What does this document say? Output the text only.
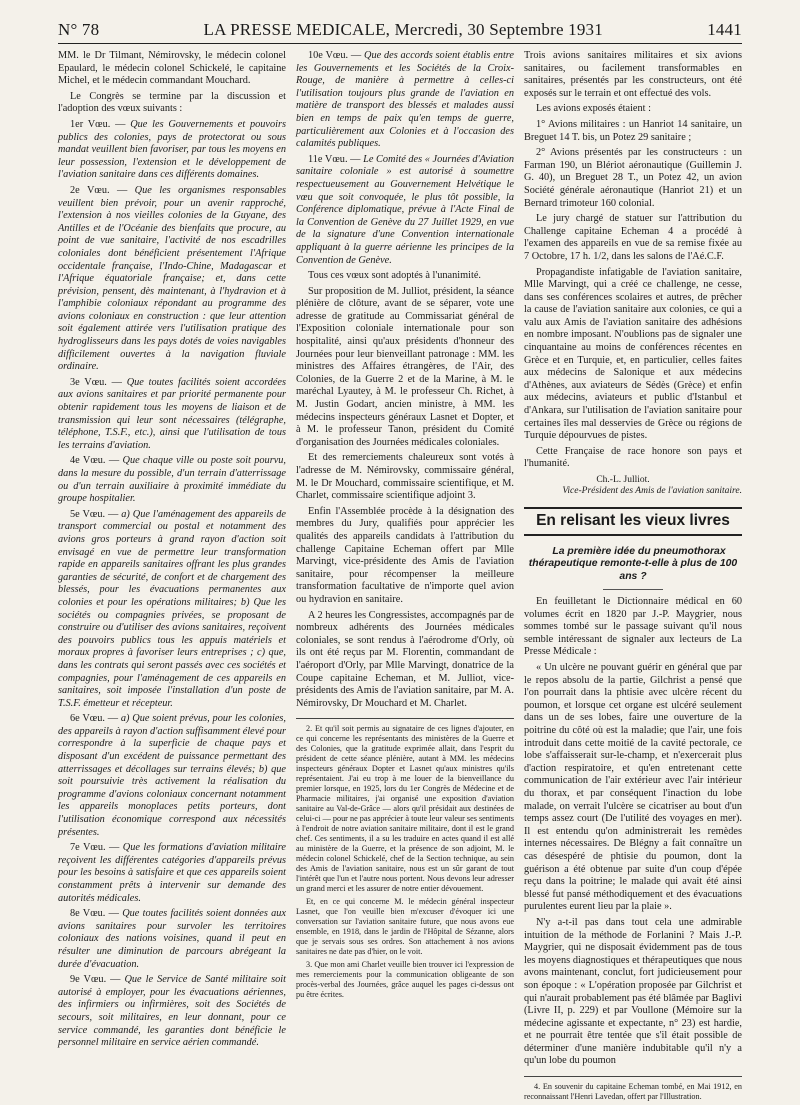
N° 78	LA PRESSE MEDICALE, Mercredi, 30 Septembre 1931	1441

MM. le Dr Tilmant, Némirovsky, le médecin colonel Epaulard, le médecin colonel Schickelé, le capitaine Michel, et le médecin commandant Mouchard.

Le Congrès se termine par la discussion et l'adoption des vœux suivants :

1er Vœu. — Que les Gouvernements et pouvoirs publics des colonies, pays de protectorat ou sous mandat veuillent bien favoriser, par tous les moyens en leur possession, l'extension et le développement de l'aviation sanitaire dans ces différents domaines.

2e Vœu. — Que les organismes responsables veuillent bien prévoir, pour un avenir rapproché, l'extension à nos vieilles colonies de la Guyane, des Antilles et de l'Océanie des bienfaits que procure, au point de vue sanitaire, l'activité de nos escadrilles coloniales dont bénéficient présentement l'Afrique occidentale française, l'Indo-Chine, Madagascar et l'Afrique équatoriale française; et, dans cette prévision, pensent, dès maintenant, à l'hydravion et à l'amphibie coloniaux répondant au programme des avions coloniaux en construction : que leur attention soit également attirée vers l'utilisation pratique des hydroglisseurs dans les pays dotés de voies navigables difficilement ouvertes à la navigation fluviale ordinaire.

3e Vœu. — Que toutes facilités soient accordées aux avions sanitaires et par priorité permanente pour obtenir rapidement tous les moyens de liaison et de transmission qui leur sont nécessaires (télégraphe, téléphone, T.S.F., etc.), ainsi que l'utilisation de tous les terrains d'aviation.

4e Vœu. — Que chaque ville ou poste soit pourvu, dans la mesure du possible, d'un terrain d'atterrissage ou d'un terrain auxiliaire à proximité immédiate du groupe hospitalier.

5e Vœu. — a) Que l'aménagement des appareils de transport commercial ou postal et notamment des avions gros porteurs à grand rayon d'action soit envisagé en vue de permettre leur transformation rapide en appareils sanitaires offrant les plus grandes garanties de sécurité, de confort et de chargement des blessés, pour les évacuations permanentes aux colonies et pour les opérations militaires; b) Que les sociétés ou compagnies privées, se proposant de construire ou d'utiliser des avions sanitaires, reçoivent des pouvoirs publics tous les appuis matériels et moraux propres à favoriser leurs entreprises ; c) que, dans les contrats qui seront passés avec ces sociétés et compagnies, pour l'aménagement de ces appareils en sanitaires, soit imposée l'installation d'un poste de T.S.F. émetteur et récepteur.

6e Vœu. — a) Que soient prévus, pour les colonies, des appareils à rayon d'action suffisamment élevé pour correspondre à la superficie de chaque pays et disposant d'un excédent de puissance permettant des atterrissages et décollages sur terrains élevés; b) que soit poursuivie très activement la réalisation du programme d'avions coloniaux concernant notamment les appareils monoplaces petits porteurs, dont l'utilisation économique correspond aux nécessités présentes.

7e Vœu. — Que les formations d'aviation militaire reçoivent les différentes catégories d'appareils prévus pour les besoins à satisfaire et que ces appareils soient constamment prêts à intervenir sur demande des autorités médicales.

8e Vœu. — Que toutes facilités soient données aux avions sanitaires pour survoler les territoires coloniaux des nations voisines, quand il peut en résulter une diminution de parcours abrégeant la durée d'évacuation.

9e Vœu. — Que le Service de Santé militaire soit autorisé à employer, pour les évacuations aériennes, des infirmiers ou infirmières, soit des Sociétés de secours, soit militaires, en leur donnant, pour ce service commandé, les garanties dont bénéficie le personnel militaire en service aérien commandé.

10e Vœu. — Que des accords soient établis entre les Gouvernements et les Sociétés de la Croix-Rouge, de manière à permettre à celles-ci l'utilisation toujours plus grande de l'aviation en matière de transport des blessés et malades aussi bien en temps de paix qu'en temps de guerre, particulièrement aux Colonies et à l'occasion des calamités publiques.

11e Vœu. — Le Comité des « Journées d'Aviation sanitaire coloniale » est autorisé à soumettre respectueusement au Gouvernement Helvétique le vœu que soit convoquée, le plus tôt possible, la Conférence diplomatique, prévue à l'Acte Final de la Convention de Genève du 27 Juillet 1929, en vue de la signature d'une Convention internationale appliquant à la guerre aérienne les principes de la Convention de Genève.

Tous ces vœux sont adoptés à l'unanimité.

Sur proposition de M. Julliot, président, la séance plénière de clôture, avant de se séparer, vote une adresse de gratitude au Commissariat général de l'Exposition coloniale internationale pour son hospitalité, ainsi qu'aux présidents d'honneur des Journées pour leur bienveillant patronage : MM. les ministres des Affaires étrangères, de l'Air, des Colonies, de la Guerre 2 et de la Marine, à M. le maréchal Lyautey, à M. le professeur Ch. Richet, à M. Justin Godart, ancien ministre, à MM. les médecins inspecteurs généraux Lasnet et Dopter, et à M. le professeur Tanon, président du Comité d'organisation des Journées médicales coloniales.

Et des remerciements chaleureux sont votés à l'adresse de M. Némirovsky, commissaire général, M. le Dr Mouchard, commissaire scientifique, et M. Charlet, commissaire scientifique adjoint 3.

Enfin l'Assemblée procède à la désignation des membres du Jury, qualifiés pour apprécier les qualités des appareils candidats à l'attribution du challenge Capitaine Echeman offert par Mlle Marvingt, vice-présidente des Amis de l'aviation sanitaire, pour récompenser la meilleure transformation facultative de n'importe quel avion ou hydravion en sanitaire.

A 2 heures les Congressistes, accompagnés par de nombreux adhérents des Journées médicales coloniales, se sont rendus à l'aérodrome d'Orly, où ils ont été reçus par M. Florentin, commandant de l'aéroport d'Orly, par Mlle Marvingt, donatrice de la Coupe capitaine Echeman, et M. Julliot, vice-présidents des Amis de l'aviation sanitaire, par M. A. Némirovsky, Dr Mouchard et M. Charlet.

2. Et qu'il soit permis au signataire de ces lignes d'ajouter, en ce qui concerne les représentants des ministères de la Guerre et des Colonies, que la gratitude exprimée allait, dans l'esprit du président de cette séance plénière, autant à MM. les médecins inspecteurs généraux Dopter et Lasnet qu'aux ministres qu'ils représentaient. J'ai eu trop à me louer de la bienveillance du premier lorsque, en 1925, lors du 1er Congrès de Médecine et de Pharmacie militaires, j'ai organisé une exposition d'aviation sanitaire au Val-de-Grâce — alors qu'il présidait aux destinées de celui-ci — pour ne pas apprécier à toute leur valeur ses sentiments à l'endroit de notre aviation sanitaire militaire, dont il est le grand chef. Ces sentiments, il a su les traduire en actes quand il est allé au ministère de la Guerre, et la présence de son adjoint, M. le médecin colonel Schickelé, chef de la Section technique, au sein des Amis de l'aviation sanitaire, nous est un sûr garant de tout l'intérêt que l'un et l'autre nous portent. Nous devons leur adresser un grand merci et les assurer de notre entier dévouement.

Et, en ce qui concerne M. le médecin général inspecteur Lasnet, que l'on veuille bien m'excuser d'évoquer ici une conversation sur l'aviation sanitaire future, que nous avons eue ensemble, en 1918, dans le jardin de l'Hôpital de Sézanne, alors que je servais sous ses ordres. Son attachement à nos avions sanitaires ne date pas d'hier, on le voit.

3. Que mon ami Charlet veuille bien trouver ici l'expression de mes remerciements pour la communication obligeante de son procès-verbal des Journées, grâce auquel les pages ci-dessus ont pu être écrites.

Trois avions sanitaires militaires et six avions sanitaires, ou facilement transformables en sanitaires, présentés par les constructeurs, ont été exposés sur le terrain et ont effectué des vols.

Les avions exposés étaient :

1° Avions militaires : un Hanriot 14 sanitaire, un Breguet 14 T. bis, un Potez 29 sanitaire ;

2° Avions présentés par les constructeurs : un Farman 190, un Blériot aéronautique (Guillemin J. G. 40), un Breguet 28 T., un Potez 42, un avion Société générale aéronautique (Hanriot 21) et un Bernard trimoteur 160 colonial.

Le jury chargé de statuer sur l'attribution du Challenge capitaine Echeman 4 a procédé à l'examen des appareils en vue de sa remise fixée au 7 Octobre, 17 h. 1/2, dans les salons de l'Aé.C.F.

Propagandiste infatigable de l'aviation sanitaire, Mlle Marvingt, qui a créé ce challenge, ne cesse, dans ses conférences scolaires et autres, de prêcher la cause de l'aviation sanitaire aux colonies, ce qui a valu aux Amis de l'aviation sanitaire des adhésions en nombre imposant. N'oublions pas de signaler une cinquantaine au moins de conférences récentes en Grèce et en Turquie, et, en particulier, celles faites aux médecins de Salonique et aux médecins d'Athènes, aux aviateurs de Sédès (Grèce) et enfin aux médecins, aviateurs et public d'Istanbul et d'Ankara, sur l'utilisation de l'aviation sanitaire pour certaines îles mal desservies de Grèce ou régions de Turquie dépourvues de pistes.

Cette Française de race honore son pays et l'humanité.

Ch.-L. Julliot.
Vice-Président des Amis de l'aviation sanitaire.
En relisant les vieux livres

La première idée du pneumothorax thérapeutique remonte-t-elle à plus de 100 ans ?

En feuilletant le Dictionnaire médical en 60 volumes écrit en 1820 par J.-P. Maygrier, nous sommes tombé sur le passage suivant qu'il nous semble intéressant de signaler aux lecteurs de La Presse Médicale :

« Un ulcère ne pouvant guérir en général que par le repos absolu de la partie, Gilchrist a pensé que l'on pourrait dans la phtisie avec ulcère récent du poumon, et lorsque cet organe est ulcéré seulement dans un de ses lobes, faire une ouverture de la poitrine du côté où est la maladie; que l'air, une fois introduit dans cette moitié de la cavité pectorale, ce lobe s'affaisserait sur-le-champ, et n'exercerait plus d'action respiratoire, et qu'en entretenant cette communication de l'air extérieur avec l'air intérieur du thorax, et par conséquent l'inaction du lobe malade, on verrait l'ulcère se cicatriser au bout d'un temps assez court (De l'utilité des voyages en mer). Il est entendu qu'on administrerait les remèdes internes nécessaires. De Blégny a fait connaître un cas désespéré de phtisie du poumon, dont la guérison a été obtenue par suite d'un coup d'épée reçu dans la poitrine; le malade qui avait été ainsi blessé fut pansé méthodiquement et des évacuations purulentes eurent lieu par la plaie ».

N'y a-t-il pas dans tout cela une admirable intuition de la méthode de Forlanini ? Mais J.-P. Maygrier, qui ne disposait évidemment pas de tous les moyens diagnostiques et thérapeutiques que nous avons maintenant, conclut, fort judicieusement pour son époque : « L'opération proposée par Gilchrist et qui n'aurait probablement pas été blâmée par Baglivi (Livre II, p. 229) et par Voullone (Mémoire sur la médecine agissante et expectante, n° 23) est hardie, et ne pourrait être tentée que s'il était possible de déterminer d'une manière indubitable qu'il n'y a qu'un lobe du poumon

4. En souvenir du capitaine Echeman tombé, en Mai 1912, en reconnaissant l'Henri Lavedan, offert par l'Illustration.
